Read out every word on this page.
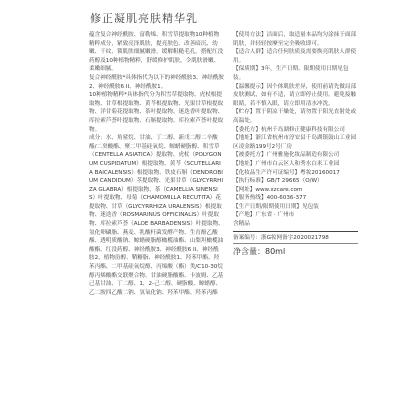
修正凝肌亮肤精华乳

蕴含复合神经酰胺、富勒烯、积雪草提取物10种植物精粹成分，紧致亮泽肌肤，提亮肤色、改善暗沉、幼嫩、干纹、锁肌肤细腻嫩滑，缓解粗糙毛孔。搭配红没药醇及10种植物精粹，舒缓修护肌肤，令肌肤滑嫩、柔嫩细腻。

复合神经酰胺*具体指代为以下的神经酰胺3、神经酰胺2、神经酰胺6 II、神经酰胺1。

10种植物精粹*具体指代分为积雪草提取物、虎杖根提取物、甘草根提取物、黄芩根提取物、光果甘草根提取物、洋甘菊花提取物、茶叶提取物、迷迭香叶提取物、库拉索芦荟叶提取物、石斛提取物、库拉索芦荟叶提取物。

成分：水、角鲨烷、甘油、丁二醇、新戊二醇二辛酸酯/二癸酸酯、聚二甲基硅氧烷、鲸蜡硬脂醇、积雪草（CENTELLA ASIATICA）提取物、虎杖（POLYGONUM CUSPIDATUM）根提取物、黄芩（SCUTELLARIA BAICALENSIS）根提取物、铁皮石斛（DENDROBIUM CANDIDUM）茎提取物、光果甘草（GLYCYRRHIZA GLABRA）根提取物、茶（CAMELLIA SINENSIS）叶提取物、母菊（CHAMOMILLA RECUTITA）花提取物、甘草（GLYCYRRHIZA URALENSIS）根提取物、迷迭香（ROSMARINUS OFFICINALIS）叶提取物、库拉索芦荟（ALOE BARBADENSIS）叶提取物、氢化卵磷脂、燕麦、乳酸杆菌发酵产物、生育酚乙酸酯、透明质酸钠、鲸蜡硬脂醇橄榄油酯、山梨坦橄榄油酸酯、红没药醇、神经酰胺3、神经酰胺6 II、神经酰胺2、植物甾醇、鞘糖脂、神经酰胺1、羟苯甲酯、羟苯丙酯、二甲基硅氧烷醇、丙烯酸（酯）类/C10-30烷醇丙烯酸酯交联聚合物、甘油硬脂酸酯、卡波姆、乙基己基甘油、丁二醇、1，2-己二醇、硬脂酸、鲸蜡醇、乙二胺四乙酸二钠、氢氧化钠、羟苯甲酯、羟苯丙酯

【使用方法】洁面后，取适量本品均匀涂抹于面部肌肤，并轻轻按摩至完全吸收即可。

【适合人群】适合任何肤质及需要焕亮肌肤人群使用。

【保质期】3年，生产日期、限期使用日期见包装。

【温馨提示】因个体肌肤差异，使用前请先做局部皮肤测试，如有不适，请立即停止使用。避免接触眼睛，若不慎入眼，请立即用清水冲洗。

【贮存】置于阴凉干燥处，请勿置于阳光直射处或高温处。

【委托方】杭州千岛湖修正健康科技有限公司

【地址】浙江省杭州市淳安县千岛湖镇鼓山工业园区凌金路199号2号厂房

【被委托方】广州雅施化妆品制造有限公司

【地址】广州市白云区人和秀水白米工业园

【化妆品生产许可证编号】粤妆20160017

【执行标准】GB/T 29665（O/W）

【网址】www.xzcare.com

【服务热线】400-6036-377

【生产日期/限期使用日期】见包装

【产地】广东省 · 广州市

含精品

备案编号：浙G妆网备字2020021798

净含量：80ml
